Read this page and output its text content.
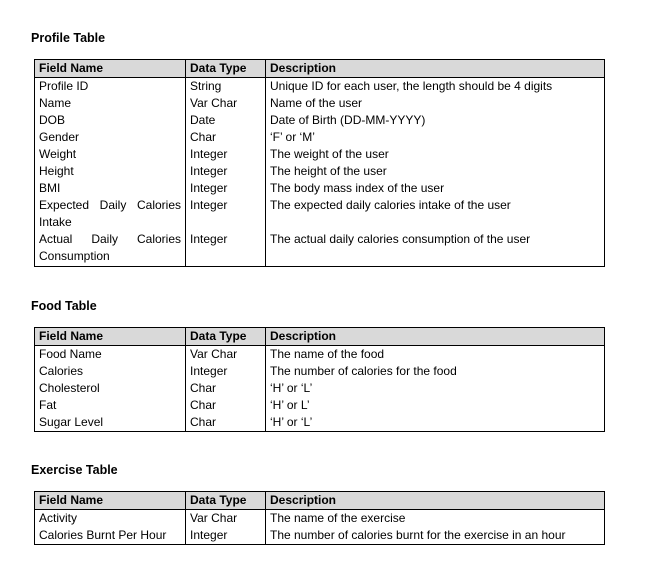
Profile Table
Field Name	Data Type	Description
Profile ID	String	Unique ID for each user, the length should be 4 digits
Name	Var Char	Name of the user
DOB	Date	Date of Birth (DD-MM-YYYY)
Gender	Char	‘F’ or ‘M’
Weight	Integer	The weight of the user
Height	Integer	The height of the user
BMI	Integer	The body mass index of the user
Expected Daily Calories Intake	Integer	The expected daily calories intake of the user
Actual Daily Calories Consumption	Integer	The actual daily calories consumption of the user
Food Table
Field Name	Data Type	Description
Food Name	Var Char	The name of the food
Calories	Integer	The number of calories for the food
Cholesterol	Char	‘H’ or ‘L’
Fat	Char	‘H’ or L’
Sugar Level	Char	‘H’ or ‘L’
Exercise Table
Field Name	Data Type	Description
Activity	Var Char	The name of the exercise
Calories Burnt Per Hour	Integer	The number of calories burnt for the exercise in an hour
